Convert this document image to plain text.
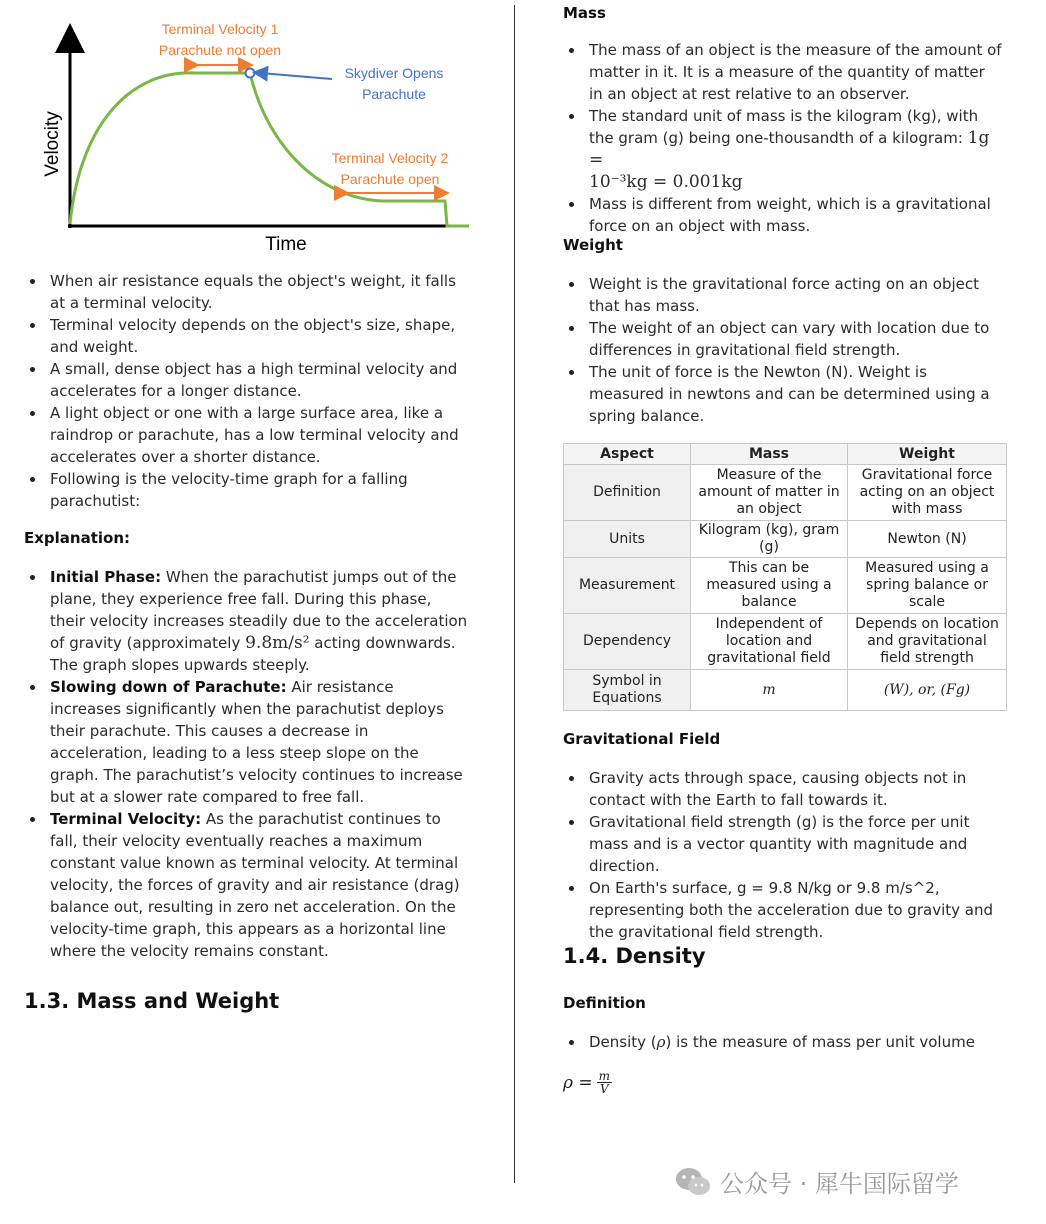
Terminal Velocity 1
Parachute not open
Skydiver Opens
Parachute
Terminal Velocity 2
Parachute open
Velocity
Time
When air resistance equals the object's weight, it falls at a terminal velocity.
Terminal velocity depends on the object's size, shape, and weight.
A small, dense object has a high terminal velocity and accelerates for a longer distance.
A light object or one with a large surface area, like a raindrop or parachute, has a low terminal velocity and accelerates over a shorter distance.
Following is the velocity-time graph for a falling parachutist:
Explanation:
Initial Phase: When the parachutist jumps out of the plane, they experience free fall. During this phase, their velocity increases steadily due to the acceleration of gravity (approximately 9.8m/s² acting downwards. The graph slopes upwards steeply.
Slowing down of Parachute: Air resistance increases significantly when the parachutist deploys their parachute. This causes a decrease in acceleration, leading to a less steep slope on the graph. The parachutist’s velocity continues to increase but at a slower rate compared to free fall.
Terminal Velocity: As the parachutist continues to fall, their velocity eventually reaches a maximum constant value known as terminal velocity. At terminal velocity, the forces of gravity and air resistance (drag) balance out, resulting in zero net acceleration. On the velocity-time graph, this appears as a horizontal line where the velocity remains constant.
1.3. Mass and Weight
Mass
The mass of an object is the measure of the amount of matter in it. It is a measure of the quantity of matter in an object at rest relative to an observer.
The standard unit of mass is the kilogram (kg), with the gram (g) being one-thousandth of a kilogram: 1g =
10⁻³kg = 0.001kg
Mass is different from weight, which is a gravitational force on an object with mass.
Weight
Weight is the gravitational force acting on an object that has mass.
The weight of an object can vary with location due to differences in gravitational field strength.
The unit of force is the Newton (N). Weight is measured in newtons and can be determined using a spring balance.
Aspect	Mass	Weight
Definition	Measure of the amount of matter in an object	Gravitational force acting on an object with mass
Units	Kilogram (kg), gram (g)	Newton (N)
Measurement	This can be measured using a balance	Measured using a spring balance or scale
Dependency	Independent of location and gravitational field	Depends on location and gravitational field strength
Symbol in Equations	m	(W), or, (Fg)
Gravitational Field
Gravity acts through space, causing objects not in contact with the Earth to fall towards it.
Gravitational field strength (g) is the force per unit mass and is a vector quantity with magnitude and direction.
On Earth's surface, g = 9.8 N/kg or 9.8 m/s^2, representing both the acceleration due to gravity and the gravitational field strength.
1.4. Density
Definition
Density (ρ) is the measure of mass per unit volume
$\rho = \frac{m}{V}$
公众号 · 犀牛国际留学
